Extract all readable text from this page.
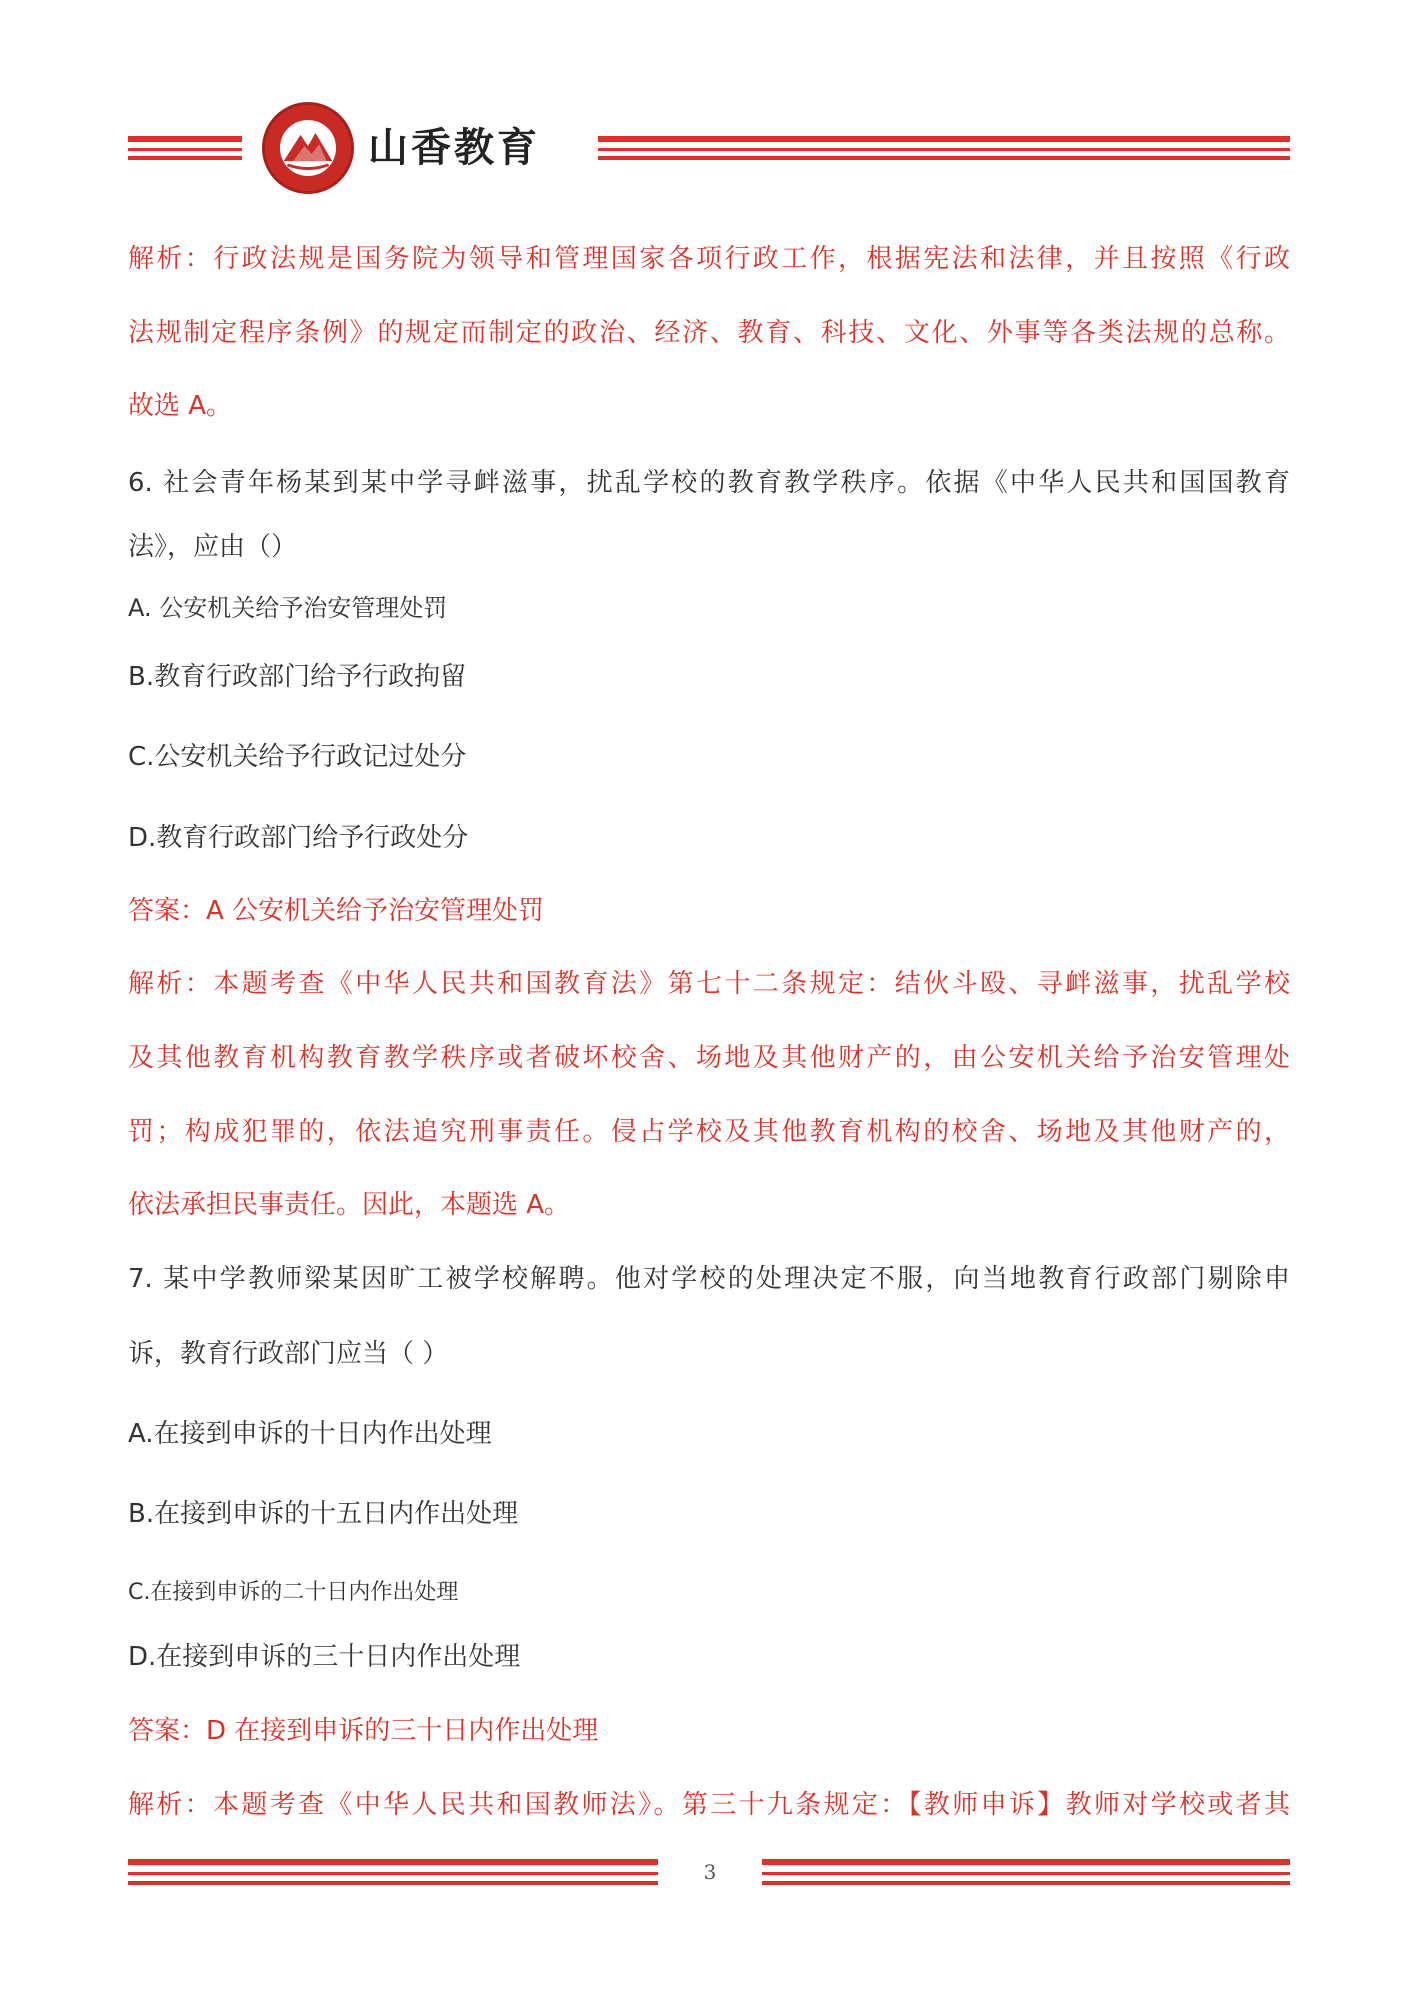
山香教育
解析：行政法规是国务院为领导和管理国家各项行政工作，根据宪法和法律，并且按照《行政
法规制定程序条例》的规定而制定的政治、经济、教育、科技、文化、外事等各类法规的总称。
故选 A。
6. 社会青年杨某到某中学寻衅滋事，扰乱学校的教育教学秩序。依据《中华人民共和国国教育
法》，应由（）
A. 公安机关给予治安管理处罚
B.教育行政部门给予行政拘留
C.公安机关给予行政记过处分
D.教育行政部门给予行政处分
答案：A 公安机关给予治安管理处罚
解析：本题考查《中华人民共和国教育法》第七十二条规定：结伙斗殴、寻衅滋事，扰乱学校
及其他教育机构教育教学秩序或者破坏校舍、场地及其他财产的，由公安机关给予治安管理处
罚；构成犯罪的，依法追究刑事责任。侵占学校及其他教育机构的校舍、场地及其他财产的，
依法承担民事责任。因此，本题选 A。
7. 某中学教师梁某因旷工被学校解聘。他对学校的处理决定不服，向当地教育行政部门剔除申
诉，教育行政部门应当（ ）
A.在接到申诉的十日内作出处理
B.在接到申诉的十五日内作出处理
C.在接到申诉的二十日内作出处理
D.在接到申诉的三十日内作出处理
答案：D 在接到申诉的三十日内作出处理
解析：本题考查《中华人民共和国教师法》。第三十九条规定：【教师申诉】教师对学校或者其
3
